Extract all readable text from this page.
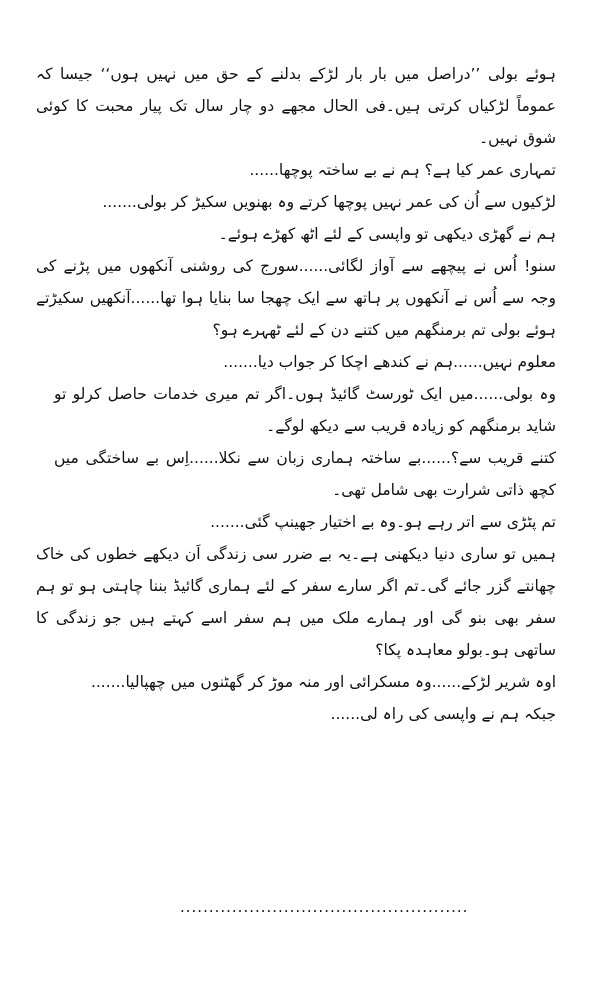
ہوئے بولی ’’دراصل میں بار بار لڑکے بدلنے کے حق میں نہیں ہوں‘‘ جیسا کہ عموماً لڑکیاں کرتی ہیں۔فی الحال مجھے دو چار سال تک پیار محبت کا کوئی شوق نہیں۔

تمہاری عمر کیا ہے؟ ہم نے بے ساختہ پوچھا......

لڑکیوں سے اُن کی عمر نہیں پوچھا کرتے وہ بھنویں سکیڑ کر بولی.......

ہم نے گھڑی دیکھی تو واپسی کے لئے اٹھ کھڑے ہوئے۔

سنو! اُس نے پیچھے سے آواز لگائی......سورج کی روشنی آنکھوں میں پڑنے کی وجہ سے اُس نے آنکھوں پر ہاتھ سے ایک چھجا سا بنایا ہوا تھا......آنکھیں سکیڑتے ہوئے بولی تم برمنگھم میں کتنے دن کے لئے ٹھہرے ہو؟

معلوم نہیں......ہم نے کندھے اچکا کر جواب دیا.......

وہ بولی......میں ایک ٹورسٹ گائیڈ ہوں۔اگر تم میری خدمات حاصل کرلو تو شاید برمنگھم کو زیادہ قریب سے دیکھ لوگے۔

کتنے قریب سے؟......بے ساختہ ہماری زبان سے نکلا......اِس بے ساختگی میں کچھ ذاتی شرارت بھی شامل تھی۔

تم پٹڑی سے اتر رہے ہو۔وہ بے اختیار جھینپ گئی.......

ہمیں تو ساری دنیا دیکھنی ہے۔یہ بے ضرر سی زندگی اَن دیکھے خطوں کی خاک چھانتے گزر جائے گی۔تم اگر سارے سفر کے لئے ہماری گائیڈ بننا چاہتی ہو تو ہم سفر بھی بنو گی اور ہمارے ملک میں ہم سفر اسے کہتے ہیں جو زندگی کا ساتھی ہو۔بولو معاہدہ پکا؟

اوہ شریر لڑکے......وہ مسکرائی اور منہ موڑ کر گھٹنوں میں چھپالیا.......

جبکہ ہم نے واپسی کی راہ لی......

..................................................
